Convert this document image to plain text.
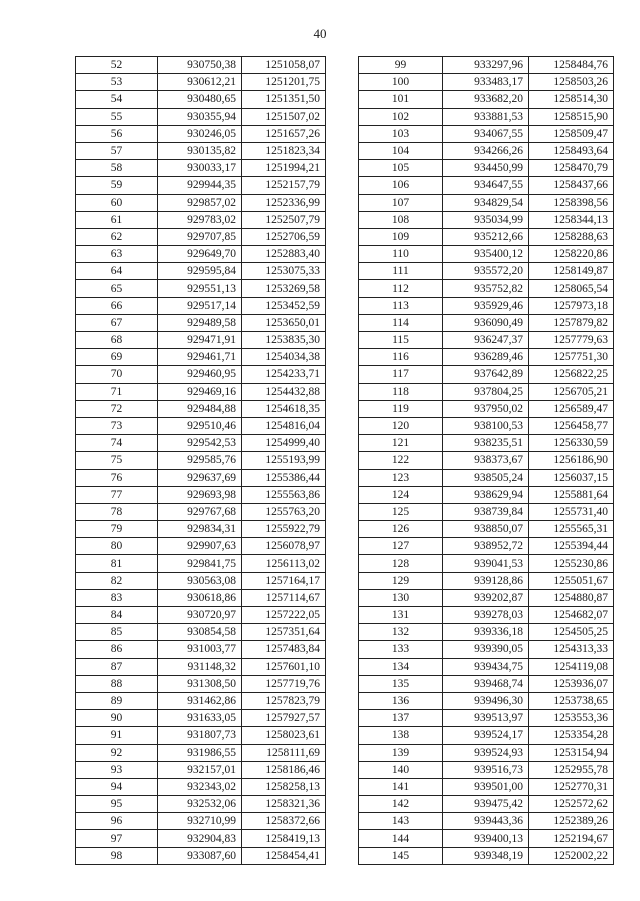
40
52	930750,38	1251058,07
53	930612,21	1251201,75
54	930480,65	1251351,50
55	930355,94	1251507,02
56	930246,05	1251657,26
57	930135,82	1251823,34
58	930033,17	1251994,21
59	929944,35	1252157,79
60	929857,02	1252336,99
61	929783,02	1252507,79
62	929707,85	1252706,59
63	929649,70	1252883,40
64	929595,84	1253075,33
65	929551,13	1253269,58
66	929517,14	1253452,59
67	929489,58	1253650,01
68	929471,91	1253835,30
69	929461,71	1254034,38
70	929460,95	1254233,71
71	929469,16	1254432,88
72	929484,88	1254618,35
73	929510,46	1254816,04
74	929542,53	1254999,40
75	929585,76	1255193,99
76	929637,69	1255386,44
77	929693,98	1255563,86
78	929767,68	1255763,20
79	929834,31	1255922,79
80	929907,63	1256078,97
81	929841,75	1256113,02
82	930563,08	1257164,17
83	930618,86	1257114,67
84	930720,97	1257222,05
85	930854,58	1257351,64
86	931003,77	1257483,84
87	931148,32	1257601,10
88	931308,50	1257719,76
89	931462,86	1257823,79
90	931633,05	1257927,57
91	931807,73	1258023,61
92	931986,55	1258111,69
93	932157,01	1258186,46
94	932343,02	1258258,13
95	932532,06	1258321,36
96	932710,99	1258372,66
97	932904,83	1258419,13
98	933087,60	1258454,41
99	933297,96	1258484,76
100	933483,17	1258503,26
101	933682,20	1258514,30
102	933881,53	1258515,90
103	934067,55	1258509,47
104	934266,26	1258493,64
105	934450,99	1258470,79
106	934647,55	1258437,66
107	934829,54	1258398,56
108	935034,99	1258344,13
109	935212,66	1258288,63
110	935400,12	1258220,86
111	935572,20	1258149,87
112	935752,82	1258065,54
113	935929,46	1257973,18
114	936090,49	1257879,82
115	936247,37	1257779,63
116	936289,46	1257751,30
117	937642,89	1256822,25
118	937804,25	1256705,21
119	937950,02	1256589,47
120	938100,53	1256458,77
121	938235,51	1256330,59
122	938373,67	1256186,90
123	938505,24	1256037,15
124	938629,94	1255881,64
125	938739,84	1255731,40
126	938850,07	1255565,31
127	938952,72	1255394,44
128	939041,53	1255230,86
129	939128,86	1255051,67
130	939202,87	1254880,87
131	939278,03	1254682,07
132	939336,18	1254505,25
133	939390,05	1254313,33
134	939434,75	1254119,08
135	939468,74	1253936,07
136	939496,30	1253738,65
137	939513,97	1253553,36
138	939524,17	1253354,28
139	939524,93	1253154,94
140	939516,73	1252955,78
141	939501,00	1252770,31
142	939475,42	1252572,62
143	939443,36	1252389,26
144	939400,13	1252194,67
145	939348,19	1252002,22
